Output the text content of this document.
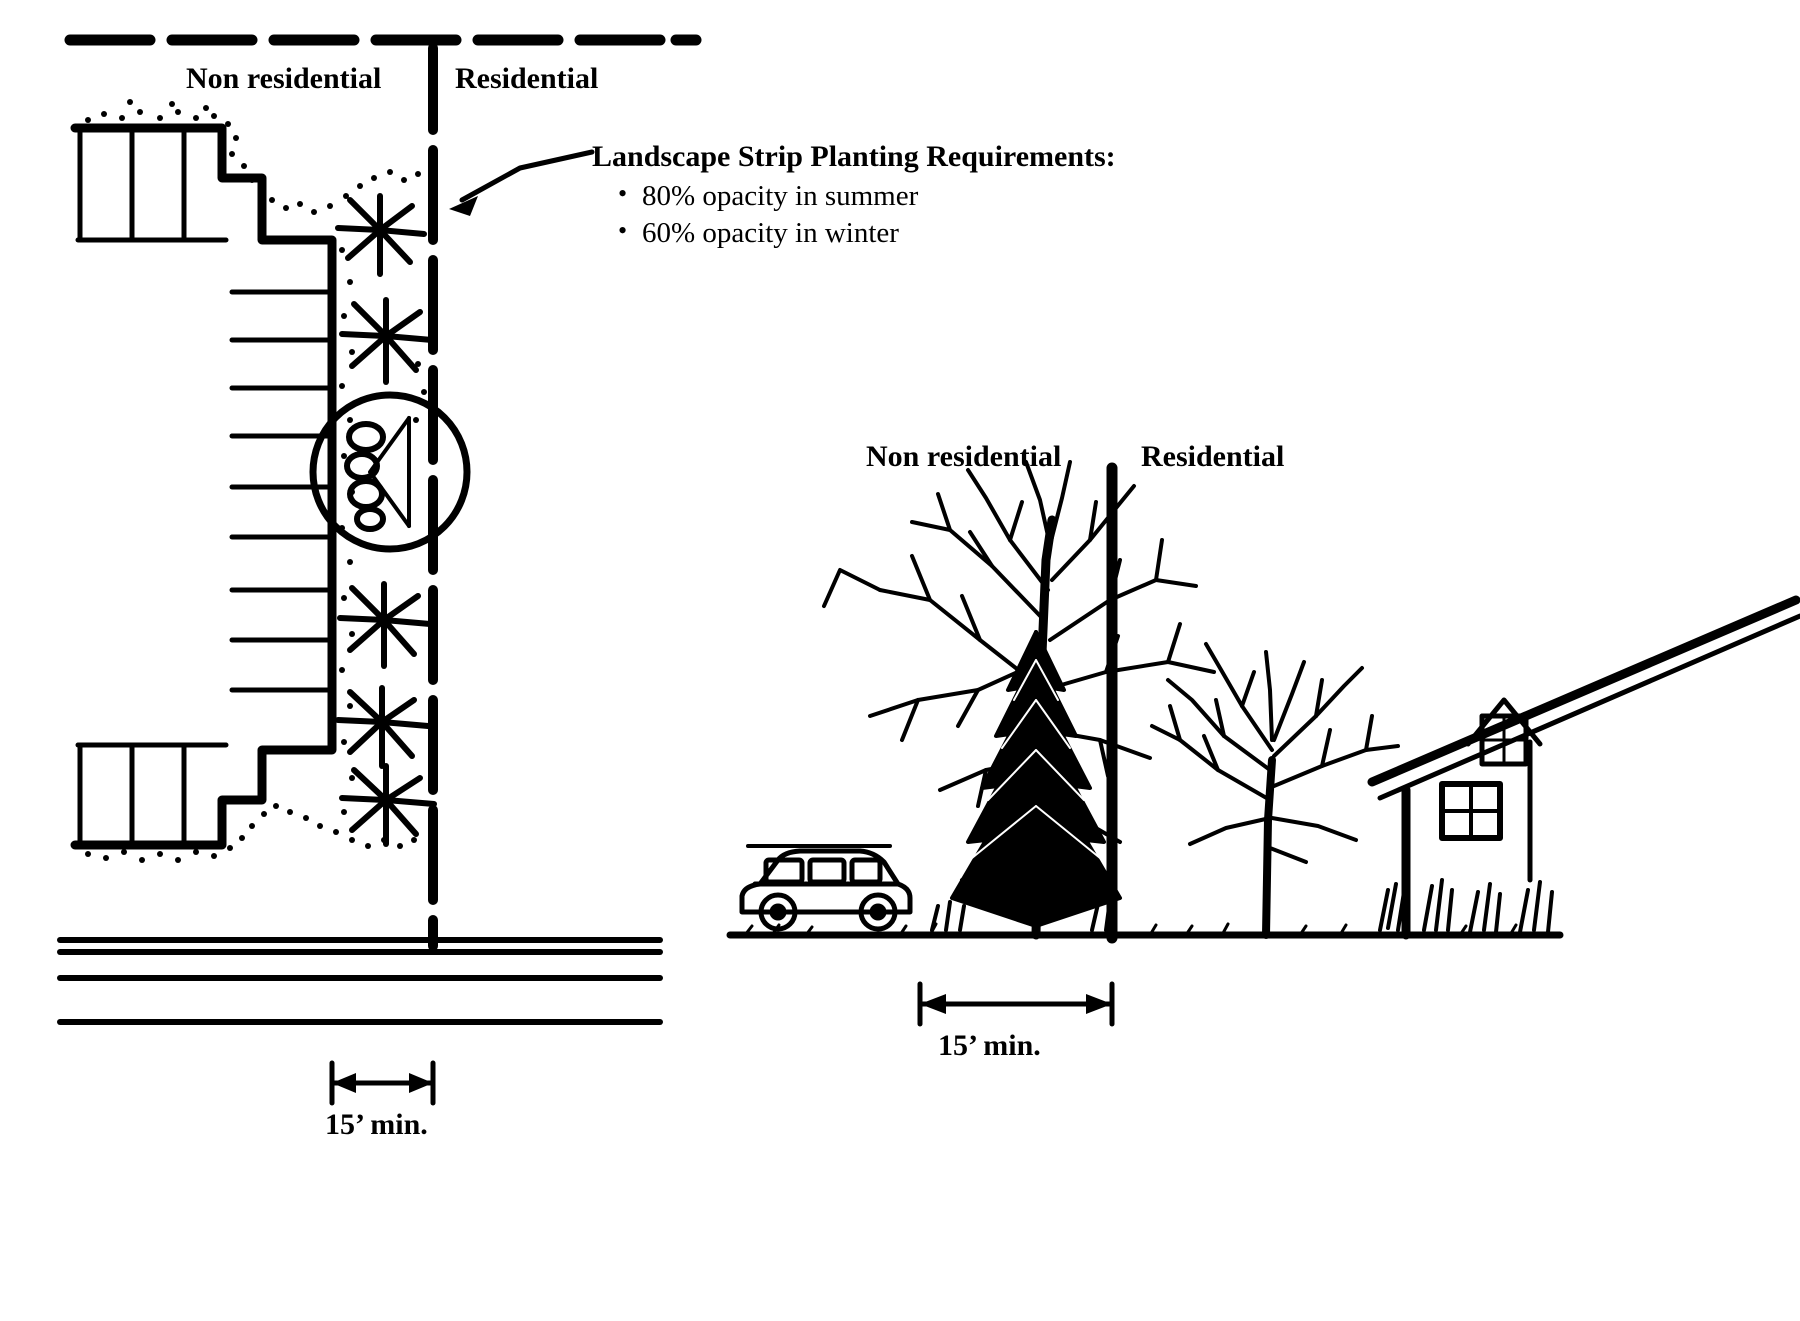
Non residential Residential
15’ min.
Landscape Strip Planting Requirements:
• 80% opacity in summer
• 60% opacity in winter
Non residential	Residential
15’ min.
